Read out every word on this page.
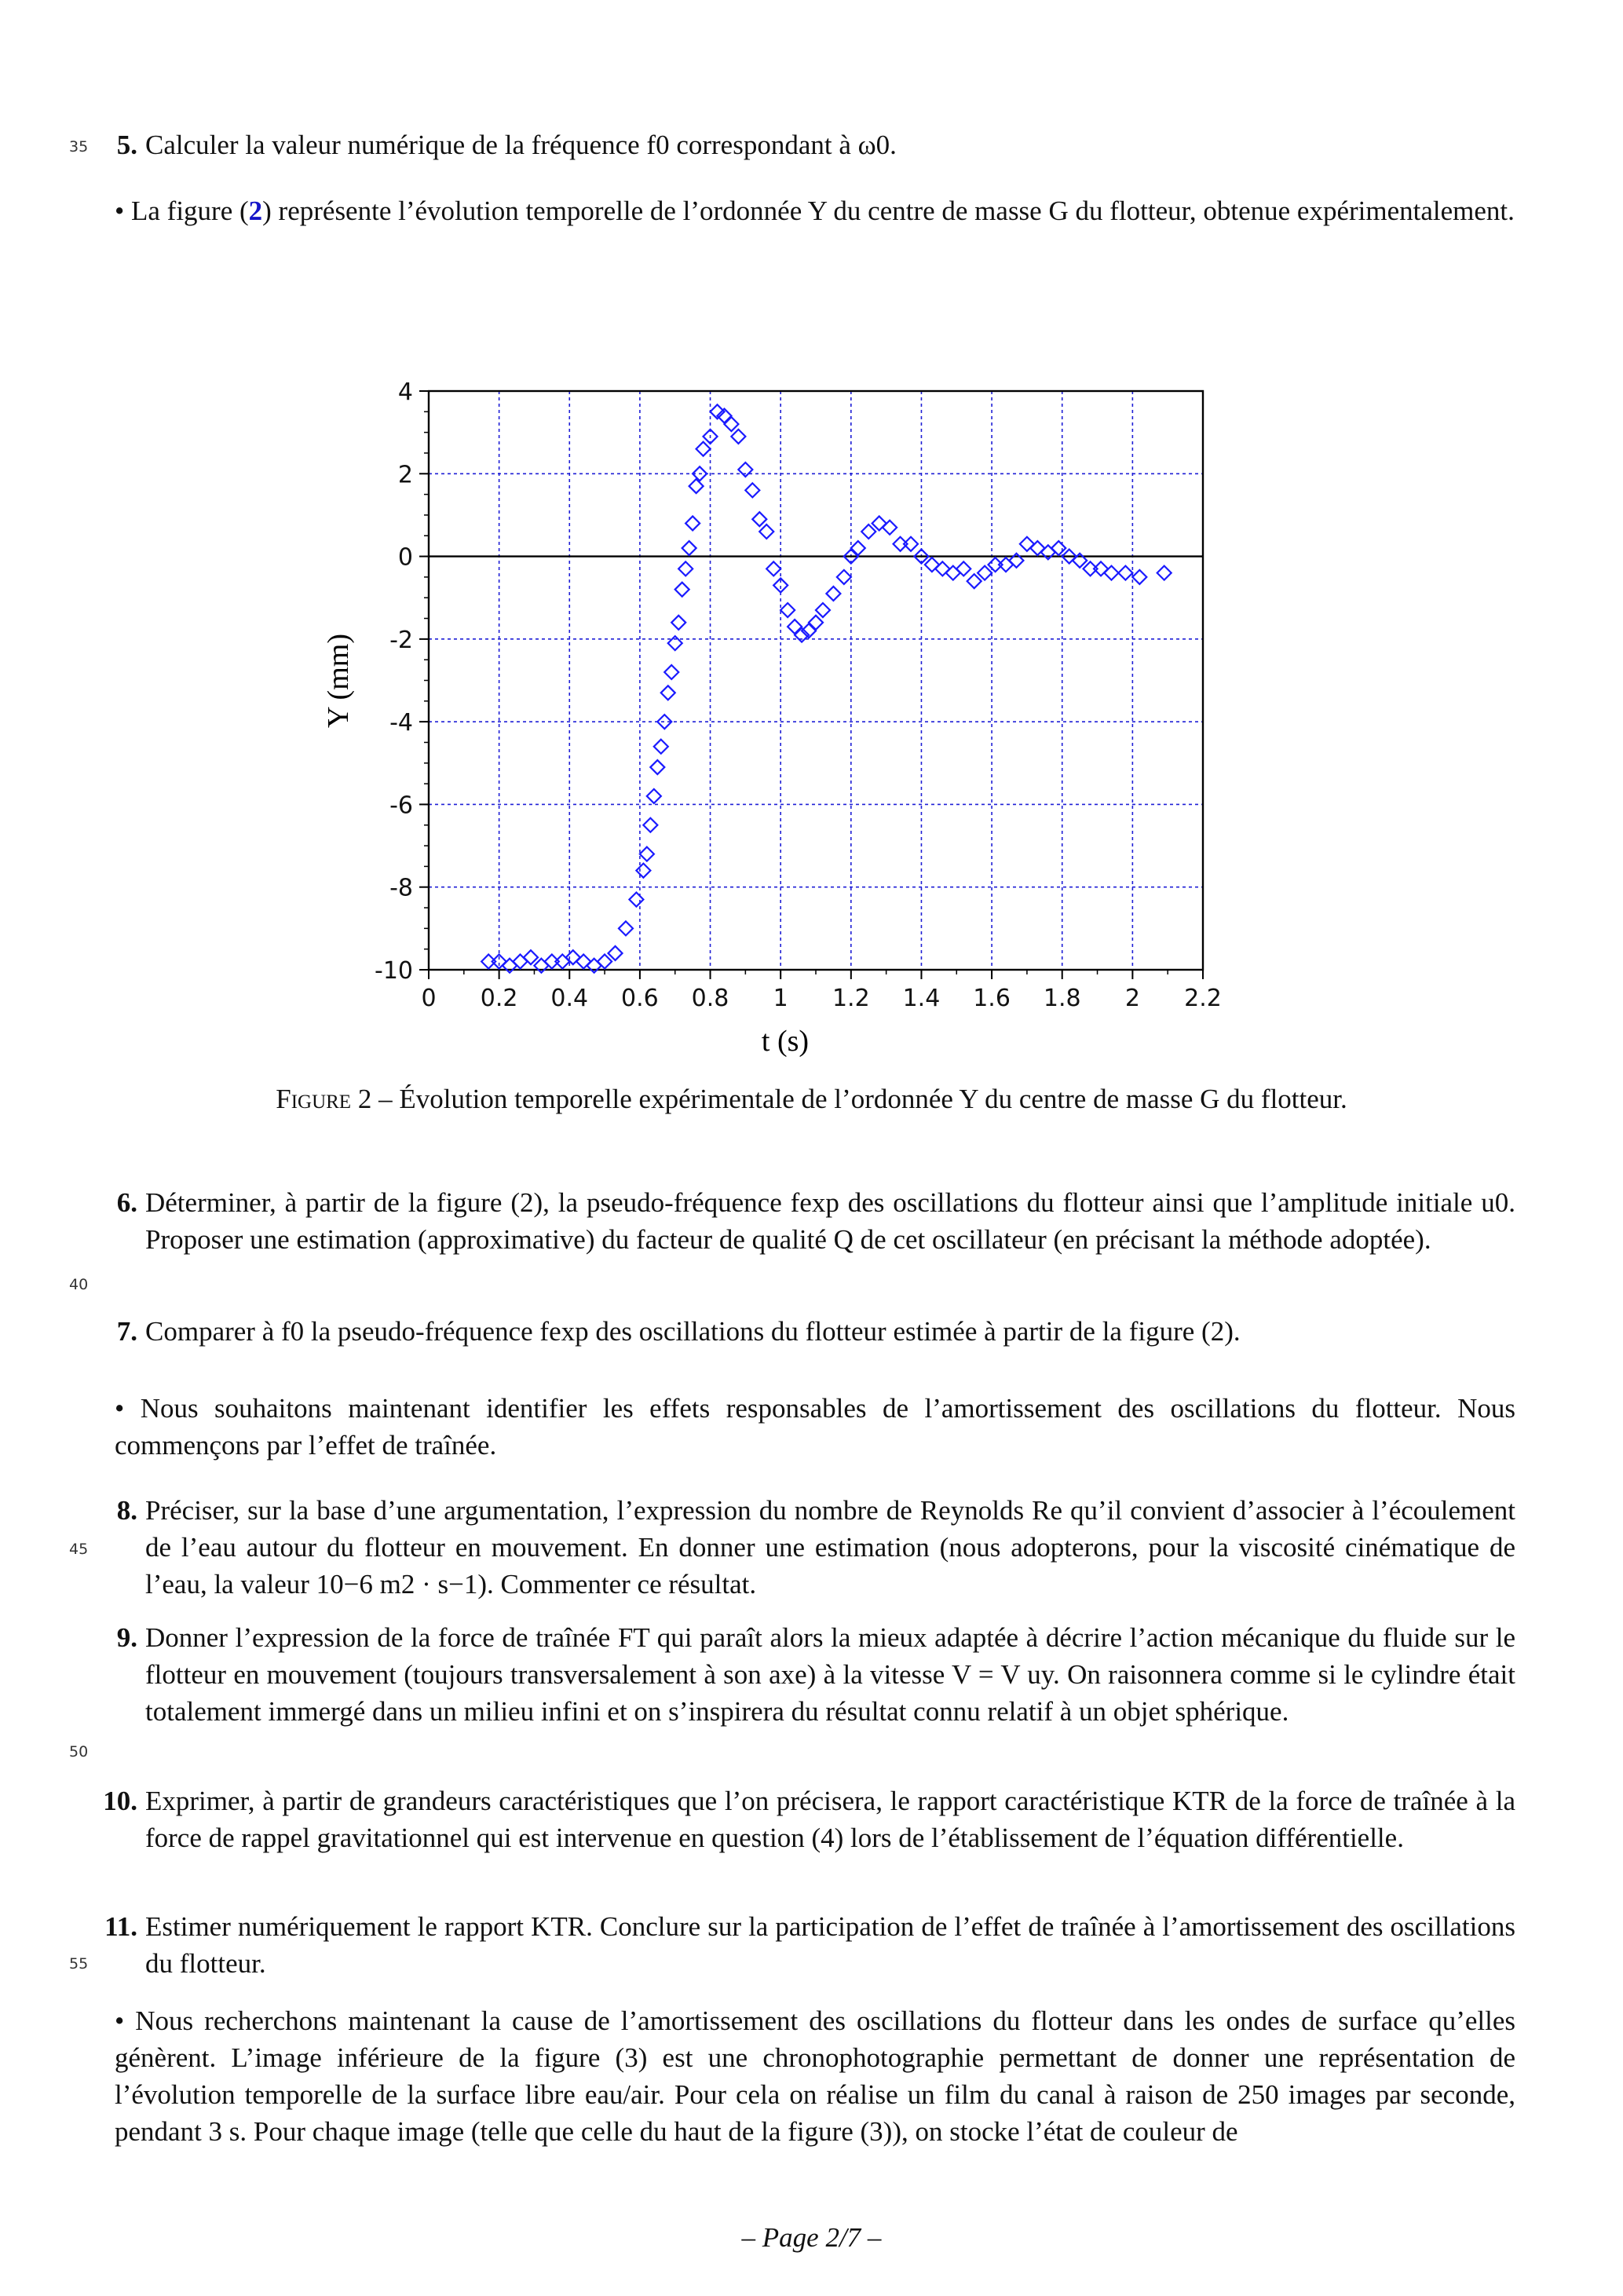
35
40
45
50
55
5. Calculer la valeur numérique de la fréquence f0 correspondant à ω0.
• La figure (2) représente l’évolution temporelle de l’ordonnée Y du centre de masse G du flotteur, obtenue expérimentalement.
0 0.2 0.4 0.6 0.8 1 1.2 1.4 1.6 1.8 2 2.2
4
2
0
-2
-4
-6
-8
-10
t (s)
Y (mm)
Figure 2 – Évolution temporelle expérimentale de l’ordonnée Y du centre de masse G du flotteur.
6. Déterminer, à partir de la figure (2), la pseudo-fréquence fexp des oscillations du flotteur ainsi que l’amplitude initiale u0. Proposer une estimation (approximative) du facteur de qualité Q de cet oscillateur (en précisant la méthode adoptée).
7. Comparer à f0 la pseudo-fréquence fexp des oscillations du flotteur estimée à partir de la figure (2).
• Nous souhaitons maintenant identifier les effets responsables de l’amortissement des oscillations du flotteur. Nous commençons par l’effet de traînée.
8. Préciser, sur la base d’une argumentation, l’expression du nombre de Reynolds Re qu’il convient d’associer à l’écoulement de l’eau autour du flotteur en mouvement. En donner une estimation (nous adopterons, pour la viscosité cinématique de l’eau, la valeur 10−6 m2 · s−1). Commenter ce résultat.
9. Donner l’expression de la force de traînée FT qui paraît alors la mieux adaptée à décrire l’action mécanique du fluide sur le flotteur en mouvement (toujours transversalement à son axe) à la vitesse V = V uy. On raisonnera comme si le cylindre était totalement immergé dans un milieu infini et on s’inspirera du résultat connu relatif à un objet sphérique.
10. Exprimer, à partir de grandeurs caractéristiques que l’on précisera, le rapport caractéristique KTR de la force de traînée à la force de rappel gravitationnel qui est intervenue en question (4) lors de l’établissement de l’équation différentielle.
11. Estimer numériquement le rapport KTR. Conclure sur la participation de l’effet de traînée à l’amortissement des oscillations du flotteur.
• Nous recherchons maintenant la cause de l’amortissement des oscillations du flotteur dans les ondes de surface qu’elles génèrent. L’image inférieure de la figure (3) est une chronophotographie permettant de donner une représentation de l’évolution temporelle de la surface libre eau/air. Pour cela on réalise un film du canal à raison de 250 images par seconde, pendant 3 s. Pour chaque image (telle que celle du haut de la figure (3)), on stocke l’état de couleur de
– Page 2/7 –
